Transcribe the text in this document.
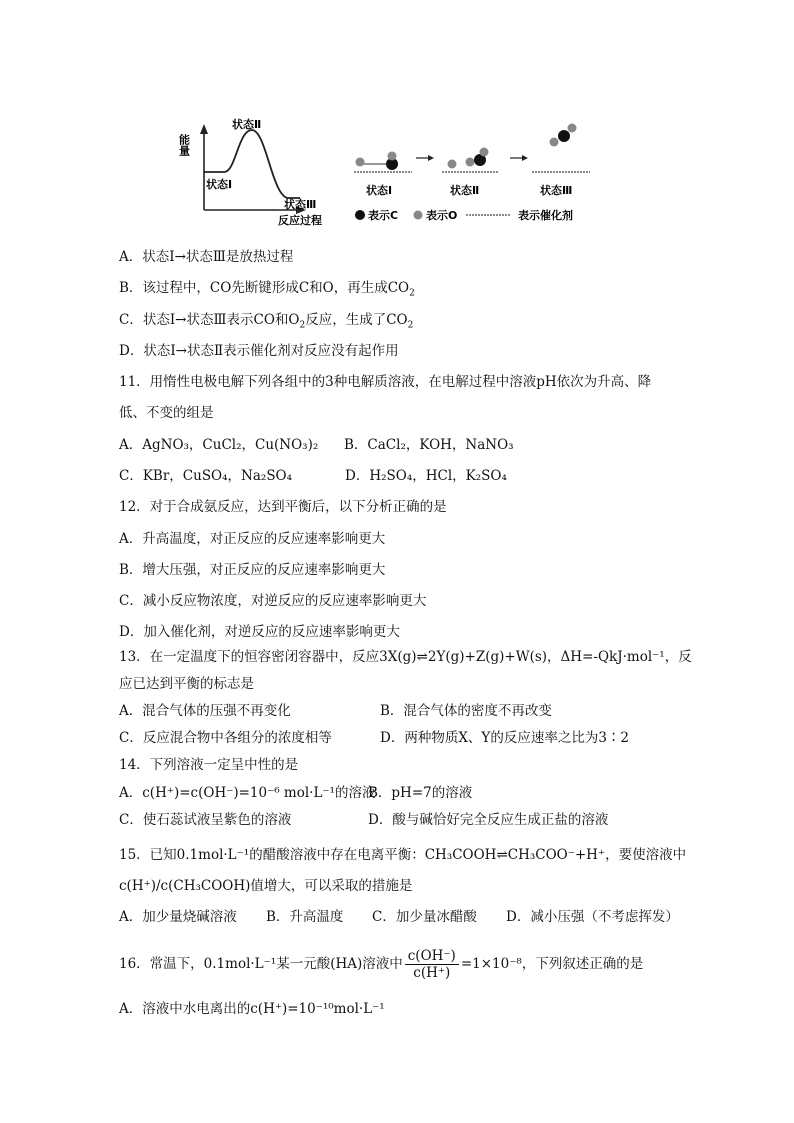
能量
状态Ⅱ
状态Ⅰ
状态Ⅲ
反应过程
状态Ⅰ	状态Ⅱ	状态Ⅲ
表示C	表示O	表示催化剂
A．状态Ⅰ→状态Ⅲ是放热过程
B．该过程中，CO先断键形成C和O，再生成$CO_2$
C．状态Ⅰ→状态Ⅲ表示CO和$O_2$反应，生成了$CO_2$
D．状态Ⅰ→状态Ⅱ表示催化剂对反应没有起作用
11．用惰性电极电解下列各组中的3种电解质溶液，在电解过程中溶液pH依次为升高、降
低、不变的组是
A．AgNO₃，CuCl₂，Cu(NO₃)₂ B．CaCl₂，KOH，NaNO₃
C．KBr，CuSO₄，Na₂SO₄	D．H₂SO₄，HCl，K₂SO₄
12．对于合成氨反应，达到平衡后，以下分析正确的是
A．升高温度，对正反应的反应速率影响更大
B．增大压强，对正反应的反应速率影响更大
C．减小反应物浓度，对逆反应的反应速率影响更大
D．加入催化剂，对逆反应的反应速率影响更大
13．在一定温度下的恒容密闭容器中，反应3X(g)⇌2Y(g)+Z(g)+W(s)，ΔH=-QkJ·mol⁻¹，反
应已达到平衡的标志是
A．混合气体的压强不再变化	B．混合气体的密度不再改变
C．反应混合物中各组分的浓度相等	D．两种物质X、Y的反应速率之比为3∶2
14．下列溶液一定呈中性的是
A．c(H⁺)=c(OH⁻)=10⁻⁶ mol·L⁻¹的溶液
B．pH=7的溶液
C．使石蕊试液呈紫色的溶液	D．酸与碱恰好完全反应生成正盐的溶液
15．已知0.1mol·L⁻¹的醋酸溶液中存在电离平衡：CH₃COOH⇌CH₃COO⁻+H⁺，要使溶液中
c(H⁺)/c(CH₃COOH)值增大，可以采取的措施是
A．加少量烧碱溶液 B．升高温度 C．加少量冰醋酸 D．减小压强（不考虑挥发）
16．常温下，0.1mol·L⁻¹某一元酸(HA)溶液中 $\frac{c(OH^-)}{c(H^+)} =1\times 10^{-8}$，下列叙述正确的是
A．溶液中水电离出的c(H⁺)=10⁻¹⁰mol·L⁻¹
